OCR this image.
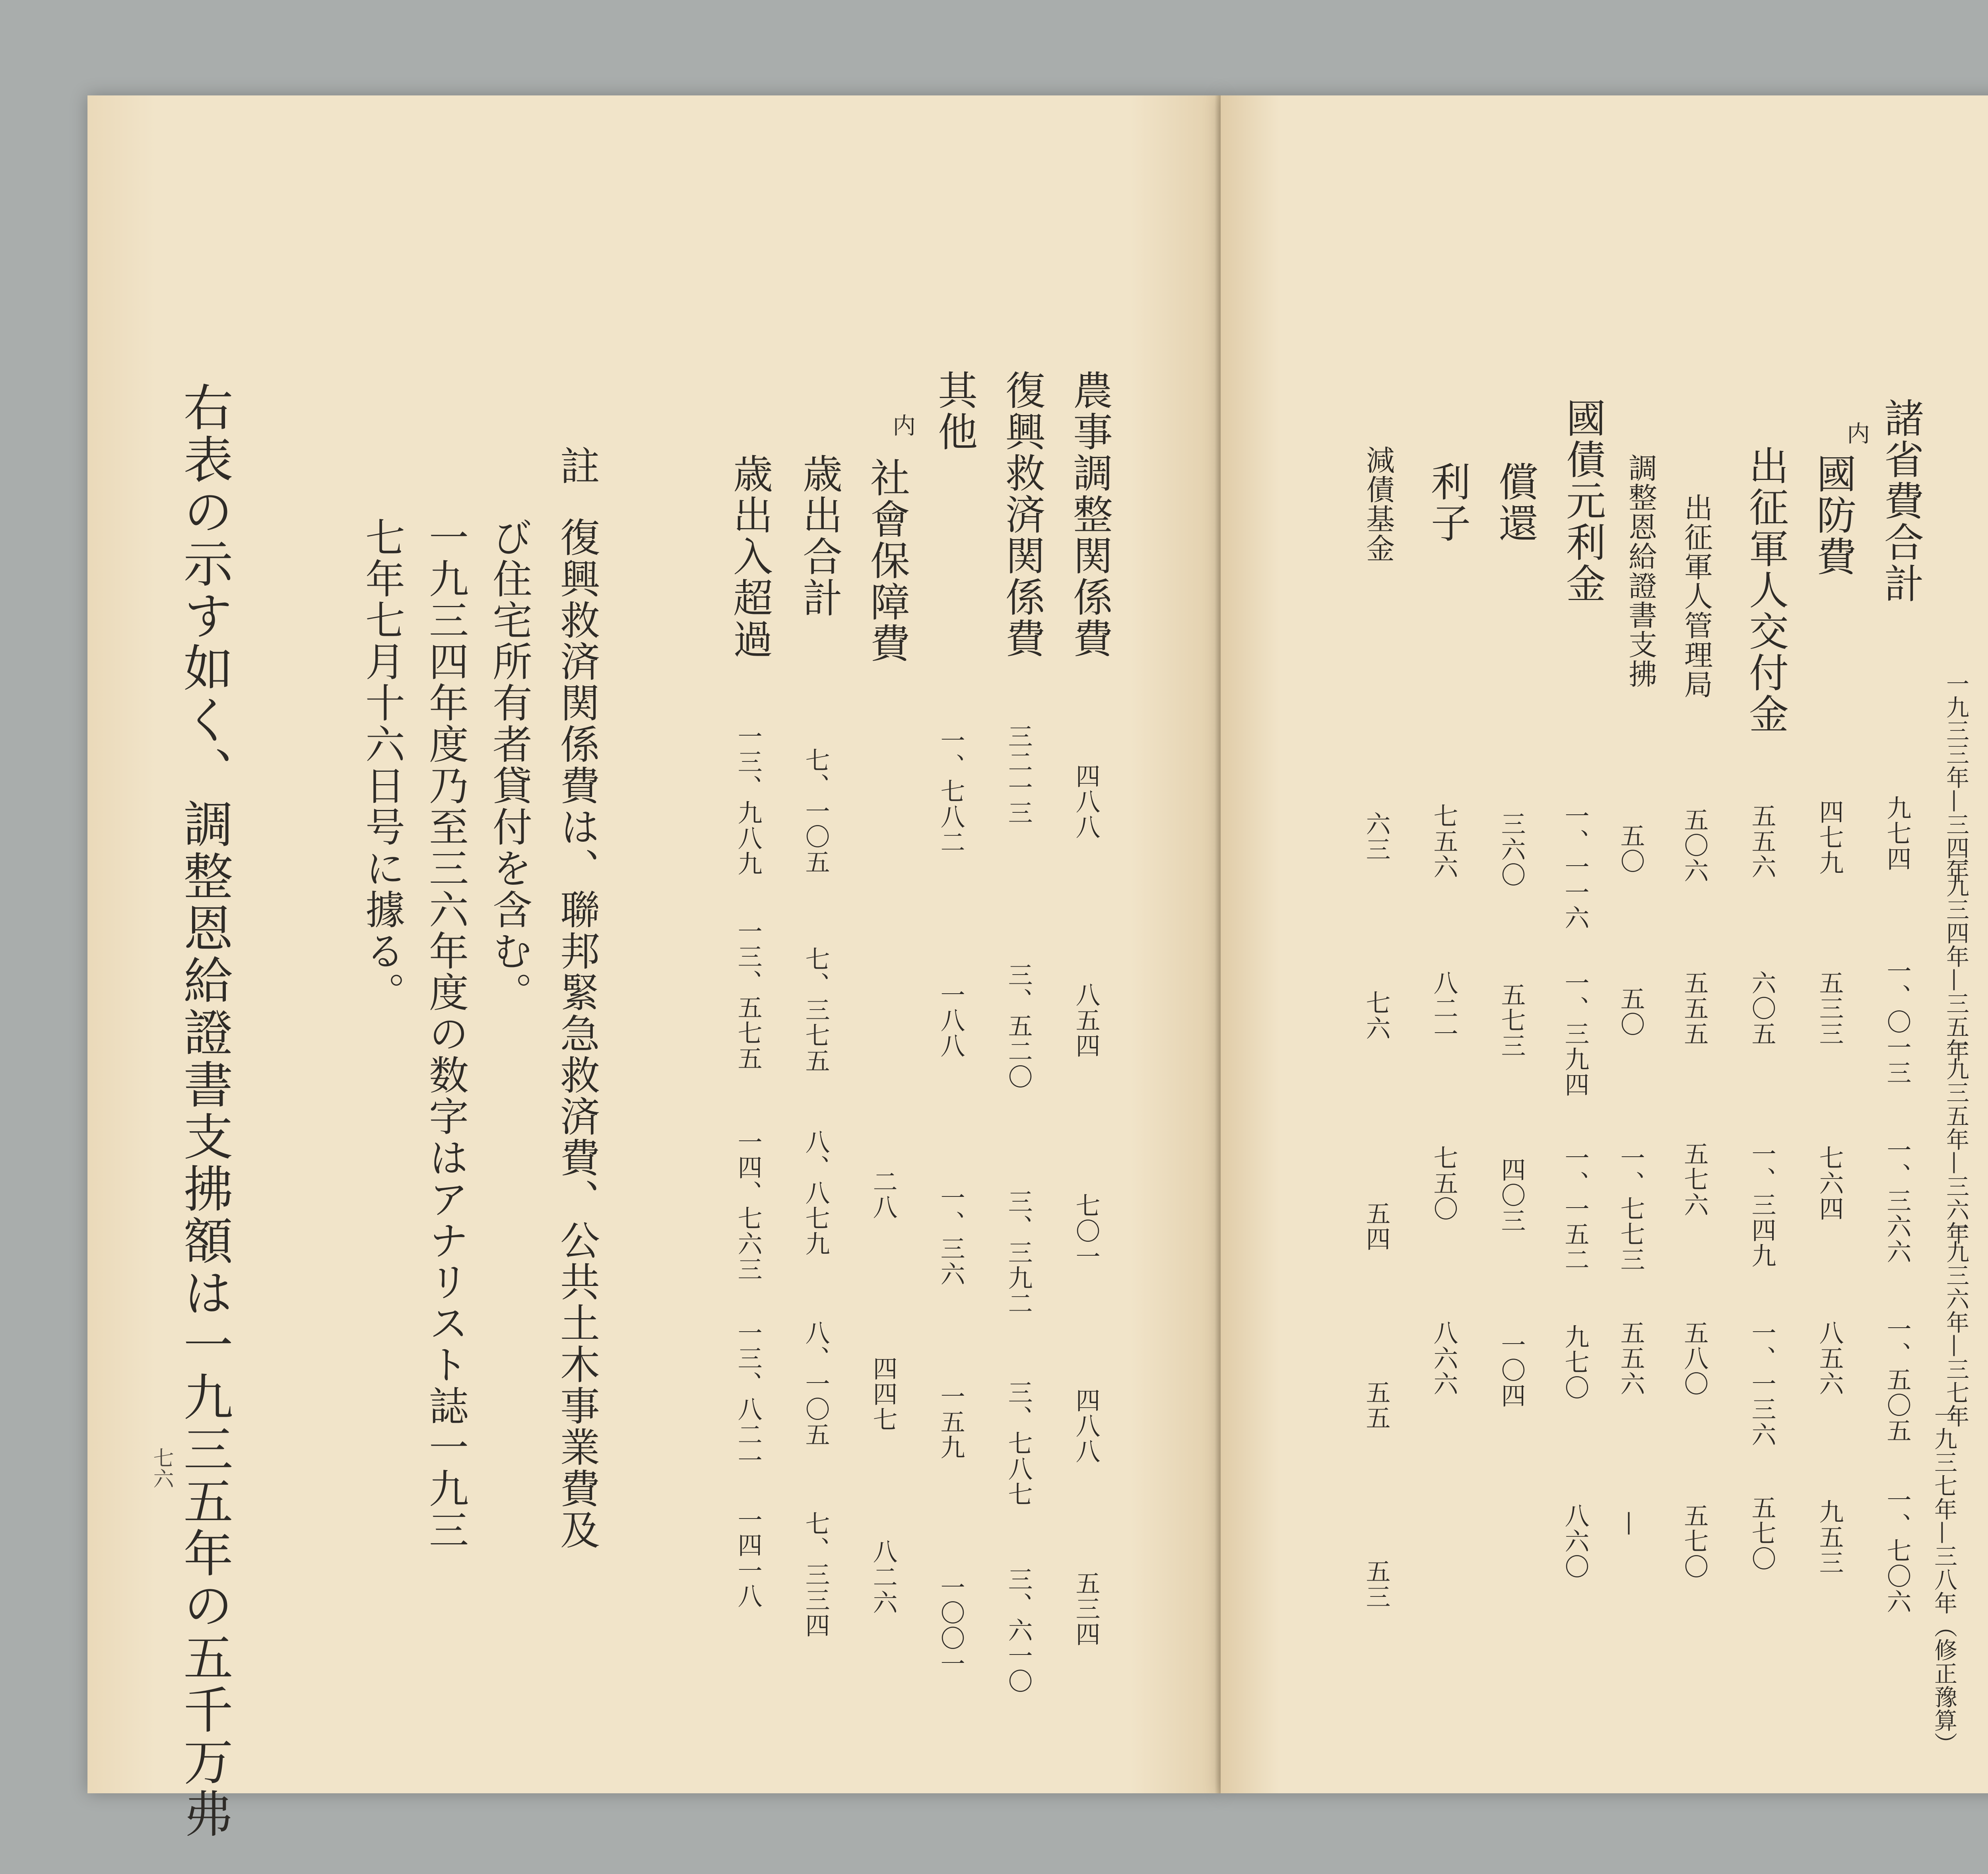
農事調整関係費
復興救済関係費
其他
内
社會保障費
歳出合計
歳出入超過
四八八
八五四
七〇一
四八八
五三四
三二一三
三、五二〇
三、三九二
三、七八七
三、六一〇
一、七八二
一八八
一、三六
一五九
一〇〇一
二八
四四七
八二六
七、一〇五
七、三七五
八、八七九
八、一〇五
七、三三四
一三、九八九
一三、五七五
一四、七六三
一三、八二一
一四一八
註
復興救済関係費は、聯邦緊急救済費、公共土木事業費及
び住宅所有者貸付を含む。
一九三四年度乃至三六年度の数字はアナリスト誌一九三
七年七月十六日号に據る。
右表の示す如く、調整恩給證書支拂額は一九三五年の五千万弗
七六
一九三三年—三四年
一九三四年—三五年
一九三五年—三六年
一九三六年—三七年
一九三七年—三八年（修正豫算）
諸省費合計
内
國防費
出征軍人交付金
出征軍人管理局
調整恩給證書支拂
國債元利金
償還
利子
減債基金
九七四
一、〇一三
一、三六六
一、五〇五
一、七〇六
四七九
五三三
七六四
八五六
九五三
五五六
六〇五
一、三四九
一、一三六
五七〇
五〇六
五五五
五七六
五八〇
五七〇
五〇
五〇
一、七七三
五五六
—
一、一一六
一、三九四
一、一五二
九七〇
八六〇
三六〇
五七三
四〇三
一〇四
七五六
八二一
七五〇
八六六
六三
七六
五四
五五
五三
